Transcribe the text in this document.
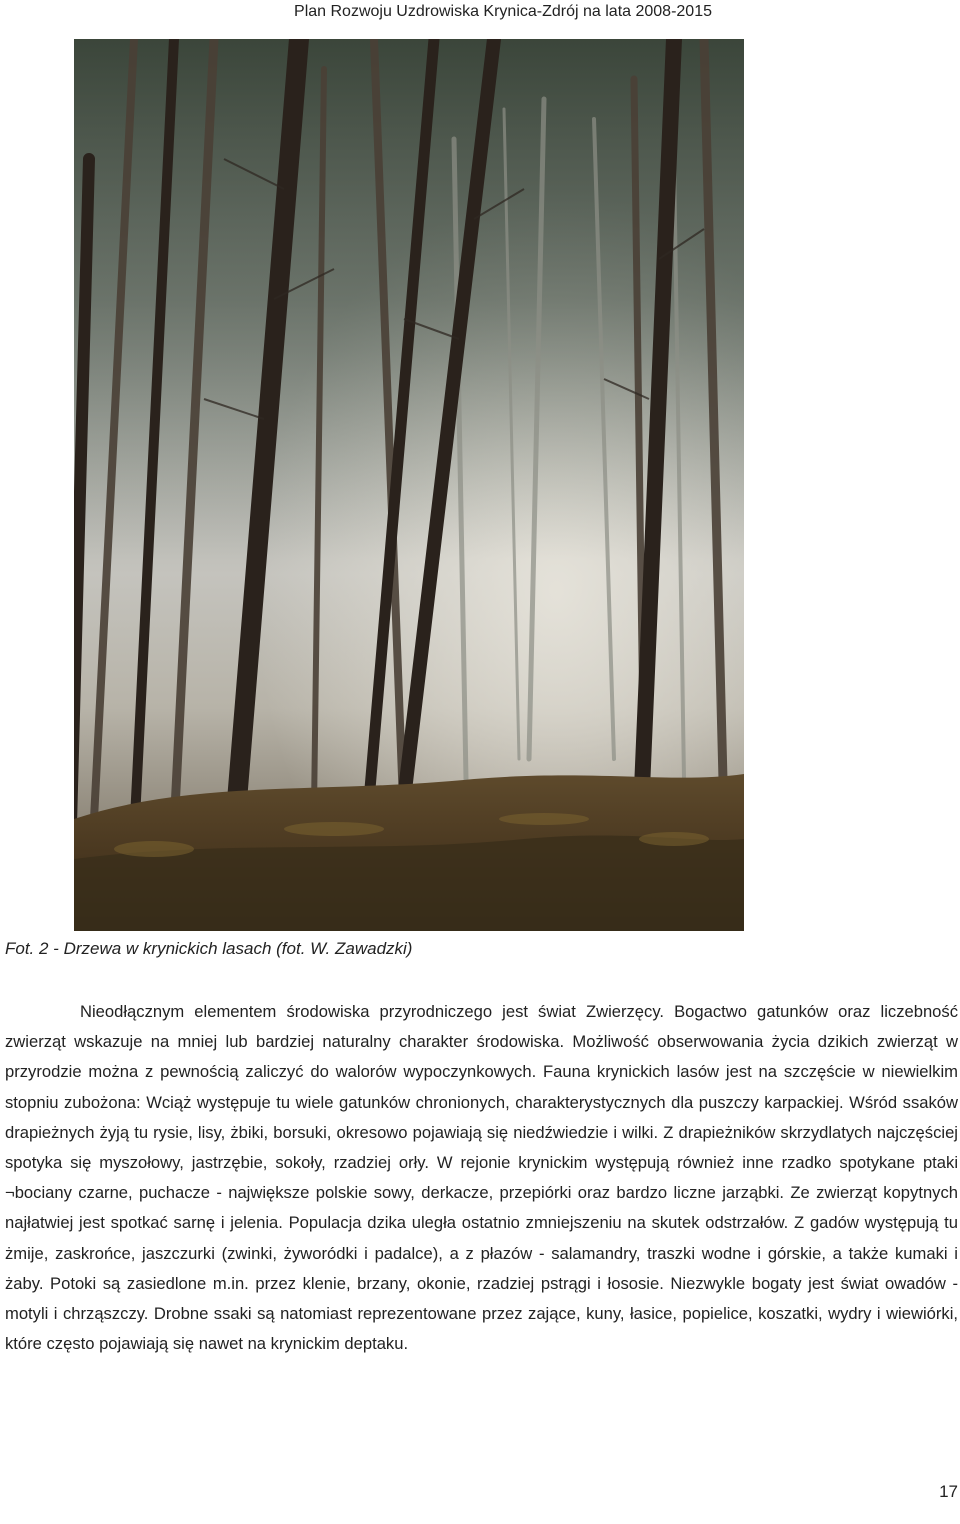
Plan Rozwoju Uzdrowiska Krynica-Zdrój na lata 2008-2015
Fot. 2 - Drzewa w krynickich lasach (fot. W. Zawadzki)

Nieodłącznym elementem środowiska przyrodniczego jest świat Zwierzęcy. Bogactwo gatunków oraz liczebność zwierząt wskazuje na mniej lub bardziej naturalny charakter środowiska. Możliwość obserwowania życia dzikich zwierząt w przyrodzie można z pewnością zaliczyć do walorów wypoczynkowych. Fauna krynickich lasów jest na szczęście w niewielkim stopniu zubożona: Wciąż występuje tu wiele gatunków chronionych, charakterystycznych dla puszczy karpackiej. Wśród ssaków drapieżnych żyją tu rysie, lisy, żbiki, borsuki, okresowo pojawiają się niedźwiedzie i wilki. Z drapieżników skrzydlatych najczęściej spotyka się myszołowy, jastrzębie, sokoły, rzadziej orły. W rejonie krynickim występują również inne rzadko spotykane ptaki ¬bociany czarne, puchacze - największe polskie sowy, derkacze, przepiórki oraz bardzo liczne jarząbki. Ze zwierząt kopytnych najłatwiej jest spotkać sarnę i jelenia. Populacja dzika uległa ostatnio zmniejszeniu na skutek odstrzałów. Z gadów występują tu żmije, zaskrońce, jaszczurki (zwinki, żyworódki i padalce), a z płazów - salamandry, traszki wodne i górskie, a także kumaki i żaby. Potoki są zasiedlone m.in. przez klenie, brzany, okonie, rzadziej pstrągi i łososie. Niezwykle bogaty jest świat owadów - motyli i chrząszczy. Drobne ssaki są natomiast reprezentowane przez zające, kuny, łasice, popielice, koszatki, wydry i wiewiórki, które często pojawiają się nawet na krynickim deptaku.

17
